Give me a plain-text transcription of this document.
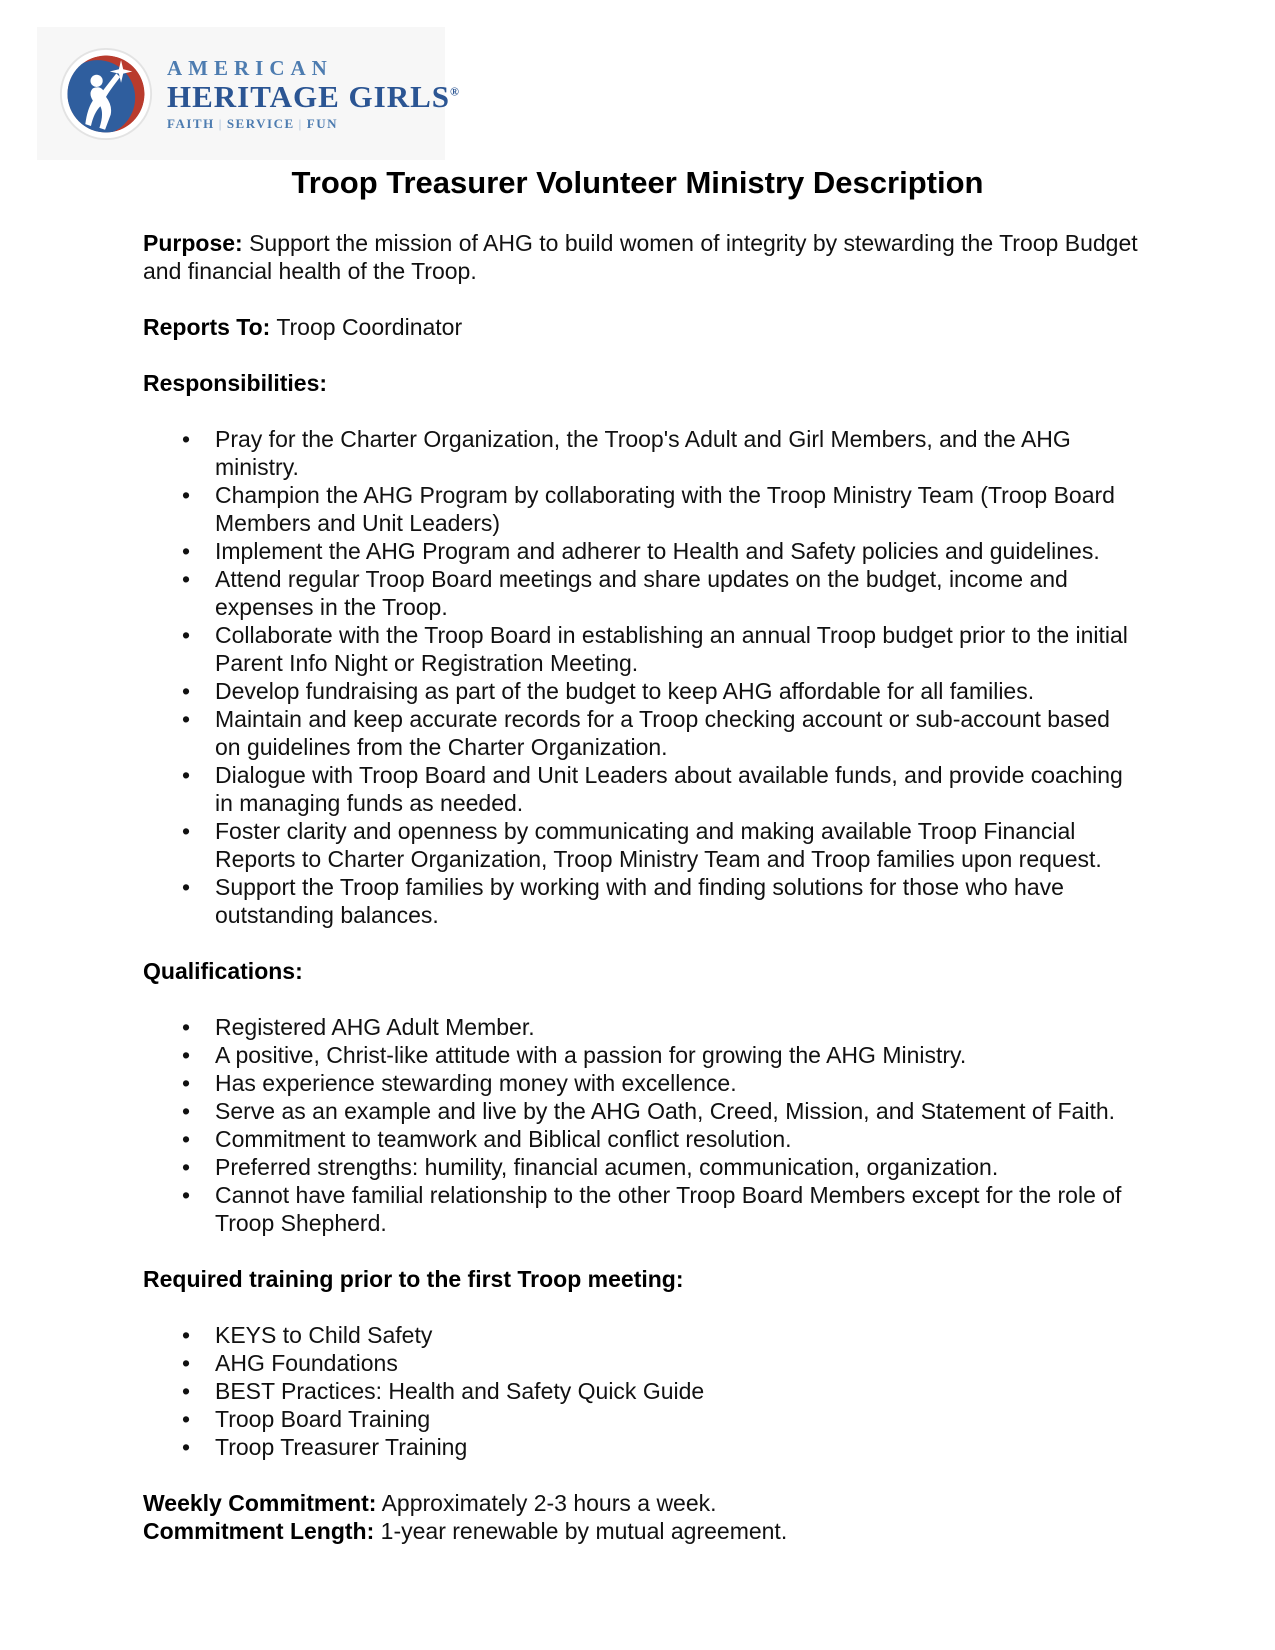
AMERICAN
HERITAGE GIRLS®
FAITH | SERVICE | FUN
Troop Treasurer Volunteer Ministry Description

Purpose: Support the mission of AHG to build women of integrity by stewarding the Troop Budget and financial health of the Troop.

Reports To: Troop Coordinator

Responsibilities:

• Pray for the Charter Organization, the Troop's Adult and Girl Members, and the AHG ministry.
• Champion the AHG Program by collaborating with the Troop Ministry Team (Troop Board Members and Unit Leaders)
• Implement the AHG Program and adherer to Health and Safety policies and guidelines.
• Attend regular Troop Board meetings and share updates on the budget, income and expenses in the Troop.
• Collaborate with the Troop Board in establishing an annual Troop budget prior to the initial Parent Info Night or Registration Meeting.
• Develop fundraising as part of the budget to keep AHG affordable for all families.
• Maintain and keep accurate records for a Troop checking account or sub-account based on guidelines from the Charter Organization.
• Dialogue with Troop Board and Unit Leaders about available funds, and provide coaching in managing funds as needed.
• Foster clarity and openness by communicating and making available Troop Financial Reports to Charter Organization, Troop Ministry Team and Troop families upon request.
• Support the Troop families by working with and finding solutions for those who have outstanding balances.

Qualifications:

• Registered AHG Adult Member.
• A positive, Christ-like attitude with a passion for growing the AHG Ministry.
• Has experience stewarding money with excellence.
• Serve as an example and live by the AHG Oath, Creed, Mission, and Statement of Faith.
• Commitment to teamwork and Biblical conflict resolution.
• Preferred strengths: humility, financial acumen, communication, organization.
• Cannot have familial relationship to the other Troop Board Members except for the role of Troop Shepherd.

Required training prior to the first Troop meeting:

• KEYS to Child Safety
• AHG Foundations
• BEST Practices: Health and Safety Quick Guide
• Troop Board Training
• Troop Treasurer Training

Weekly Commitment: Approximately 2-3 hours a week.

Commitment Length: 1-year renewable by mutual agreement.
